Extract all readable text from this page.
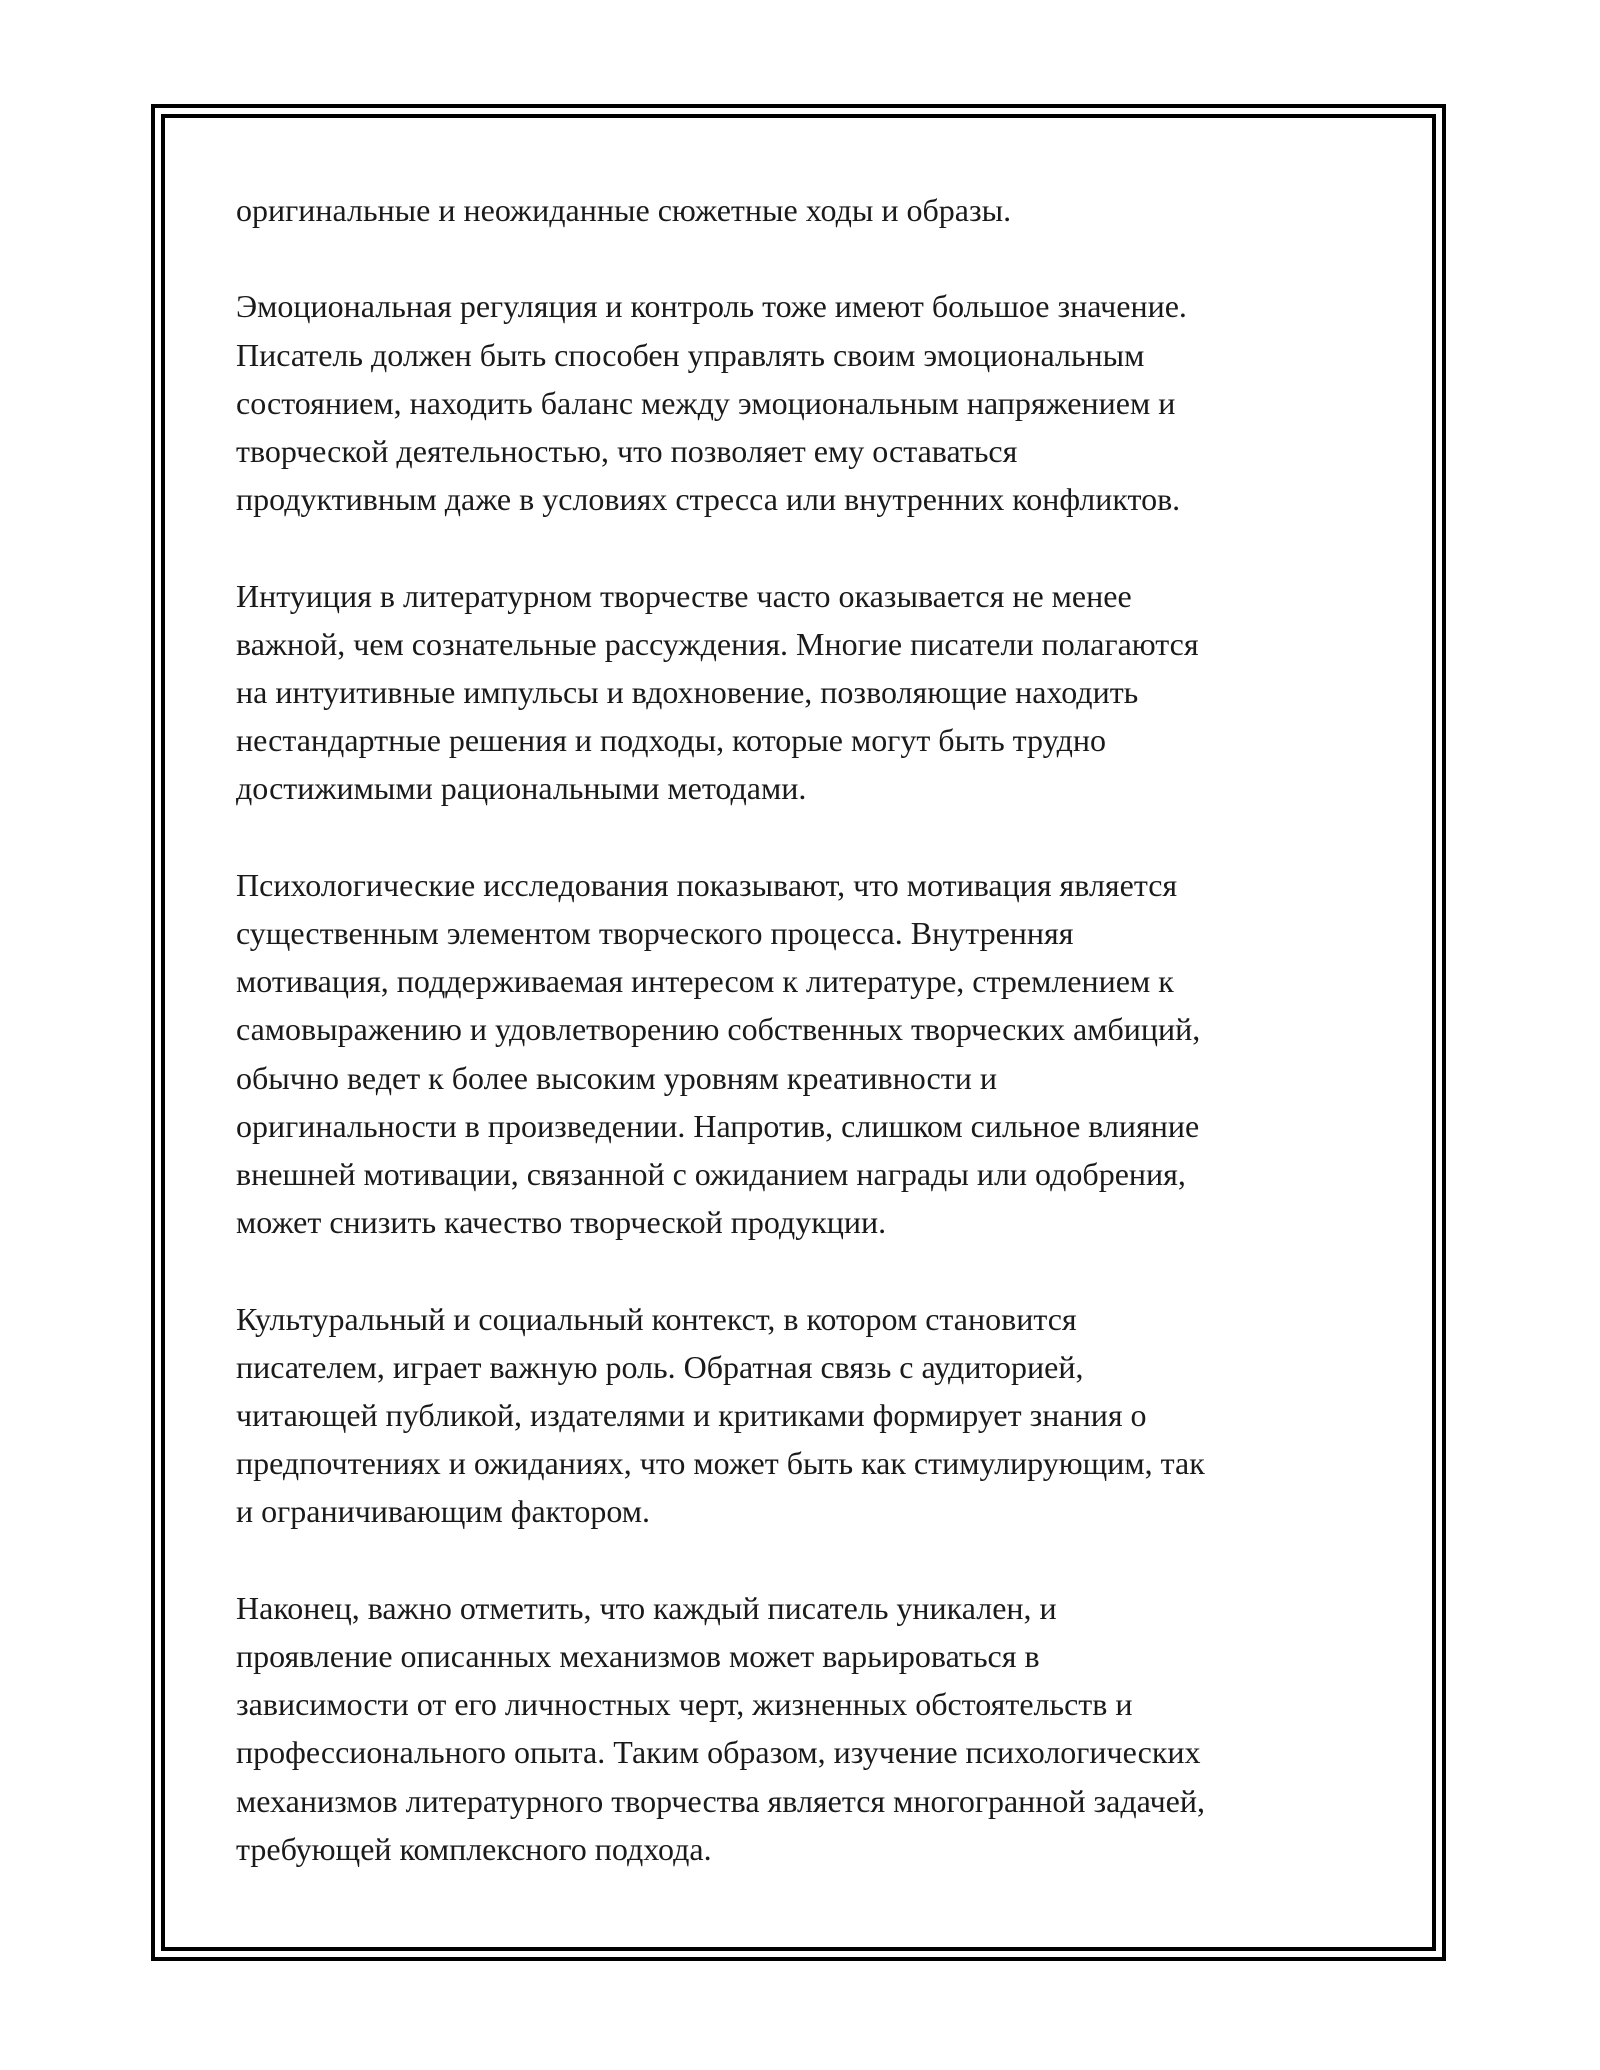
оригинальные и неожиданные сюжетные ходы и образы.

Эмоциональная регуляция и контроль тоже имеют большое значение.
Писатель должен быть способен управлять своим эмоциональным
состоянием, находить баланс между эмоциональным напряжением и
творческой деятельностью, что позволяет ему оставаться
продуктивным даже в условиях стресса или внутренних конфликтов.

Интуиция в литературном творчестве часто оказывается не менее
важной, чем сознательные рассуждения. Многие писатели полагаются
на интуитивные импульсы и вдохновение, позволяющие находить
нестандартные решения и подходы, которые могут быть трудно
достижимыми рациональными методами.

Психологические исследования показывают, что мотивация является
существенным элементом творческого процесса. Внутренняя
мотивация, поддерживаемая интересом к литературе, стремлением к
самовыражению и удовлетворению собственных творческих амбиций,
обычно ведет к более высоким уровням креативности и
оригинальности в произведении. Напротив, слишком сильное влияние
внешней мотивации, связанной с ожиданием награды или одобрения,
может снизить качество творческой продукции.

Культуральный и социальный контекст, в котором становится
писателем, играет важную роль. Обратная связь с аудиторией,
читающей публикой, издателями и критиками формирует знания о
предпочтениях и ожиданиях, что может быть как стимулирующим, так
и ограничивающим фактором.

Наконец, важно отметить, что каждый писатель уникален, и
проявление описанных механизмов может варьироваться в
зависимости от его личностных черт, жизненных обстоятельств и
профессионального опыта. Таким образом, изучение психологических
механизмов литературного творчества является многогранной задачей,
требующей комплексного подхода.
